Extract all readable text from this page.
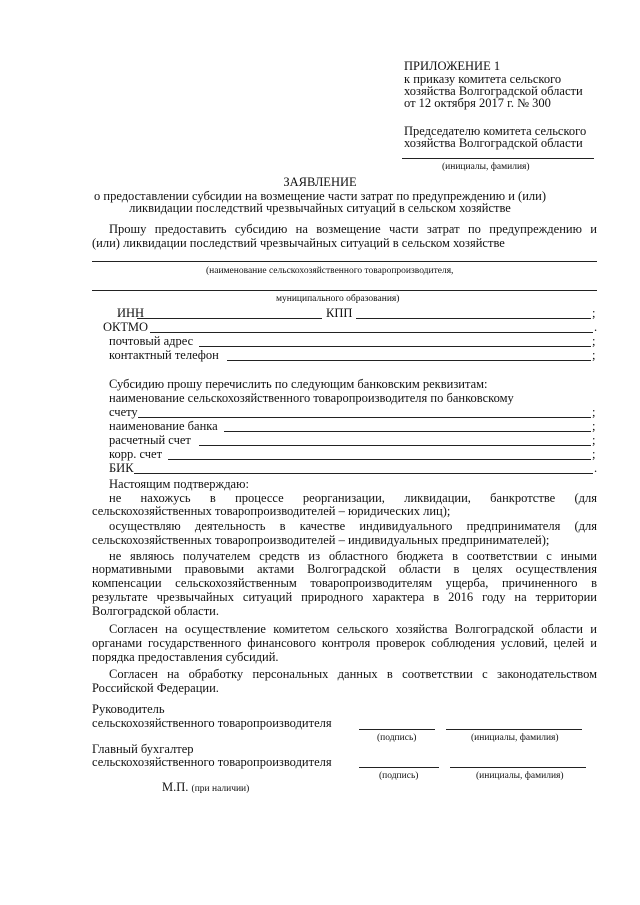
ПРИЛОЖЕНИЕ 1
к приказу комитета сельского
хозяйства Волгоградской области
от 12 октября 2017 г. № 300
Председателю комитета сельского
хозяйства Волгоградской области
(инициалы, фамилия)
ЗАЯВЛЕНИЕ
о предоставлении субсидии на возмещение части затрат по предупреждению и (или)
ликвидации последствий чрезвычайных ситуаций в сельском хозяйстве
Прошу предоставить субсидию на возмещение части затрат по предупреждению и
(или) ликвидации последствий чрезвычайных ситуаций в сельском хозяйстве
(наименование сельскохозяйственного товаропроизводителя,
муниципального образования)
ИНН	КПП	;
ОКТМО	.
почтовый адрес	;
контактный телефон	;
Субсидию прошу перечислить по следующим банковским реквизитам:
наименование сельскохозяйственного товаропроизводителя по банковскому
счету	;
наименование банка	;
расчетный счет	;
корр. счет	;
БИК	.
Настоящим подтверждаю:
не нахожусь в процессе реорганизации, ликвидации, банкротстве (для
сельскохозяйственных товаропроизводителей – юридических лиц);
осуществляю деятельность в качестве индивидуального предпринимателя (для
сельскохозяйственных товаропроизводителей – индивидуальных предпринимателей);
не являюсь получателем средств из областного бюджета в соответствии с иными
нормативными правовыми актами Волгоградской области в целях осуществления
компенсации сельскохозяйственным товаропроизводителям ущерба, причиненного в
результате чрезвычайных ситуаций природного характера в 2016 году на территории
Волгоградской области.
Согласен на осуществление комитетом сельского хозяйства Волгоградской области и
органами государственного финансового контроля проверок соблюдения условий, целей и
порядка предоставления субсидий.
Согласен на обработку персональных данных в соответствии с законодательством
Российской Федерации.
Руководитель
сельскохозяйственного товаропроизводителя
(подпись)	(инициалы, фамилия)
Главный бухгалтер
сельскохозяйственного товаропроизводителя
(подпись)	(инициалы, фамилия)
М.П. (при наличии)
